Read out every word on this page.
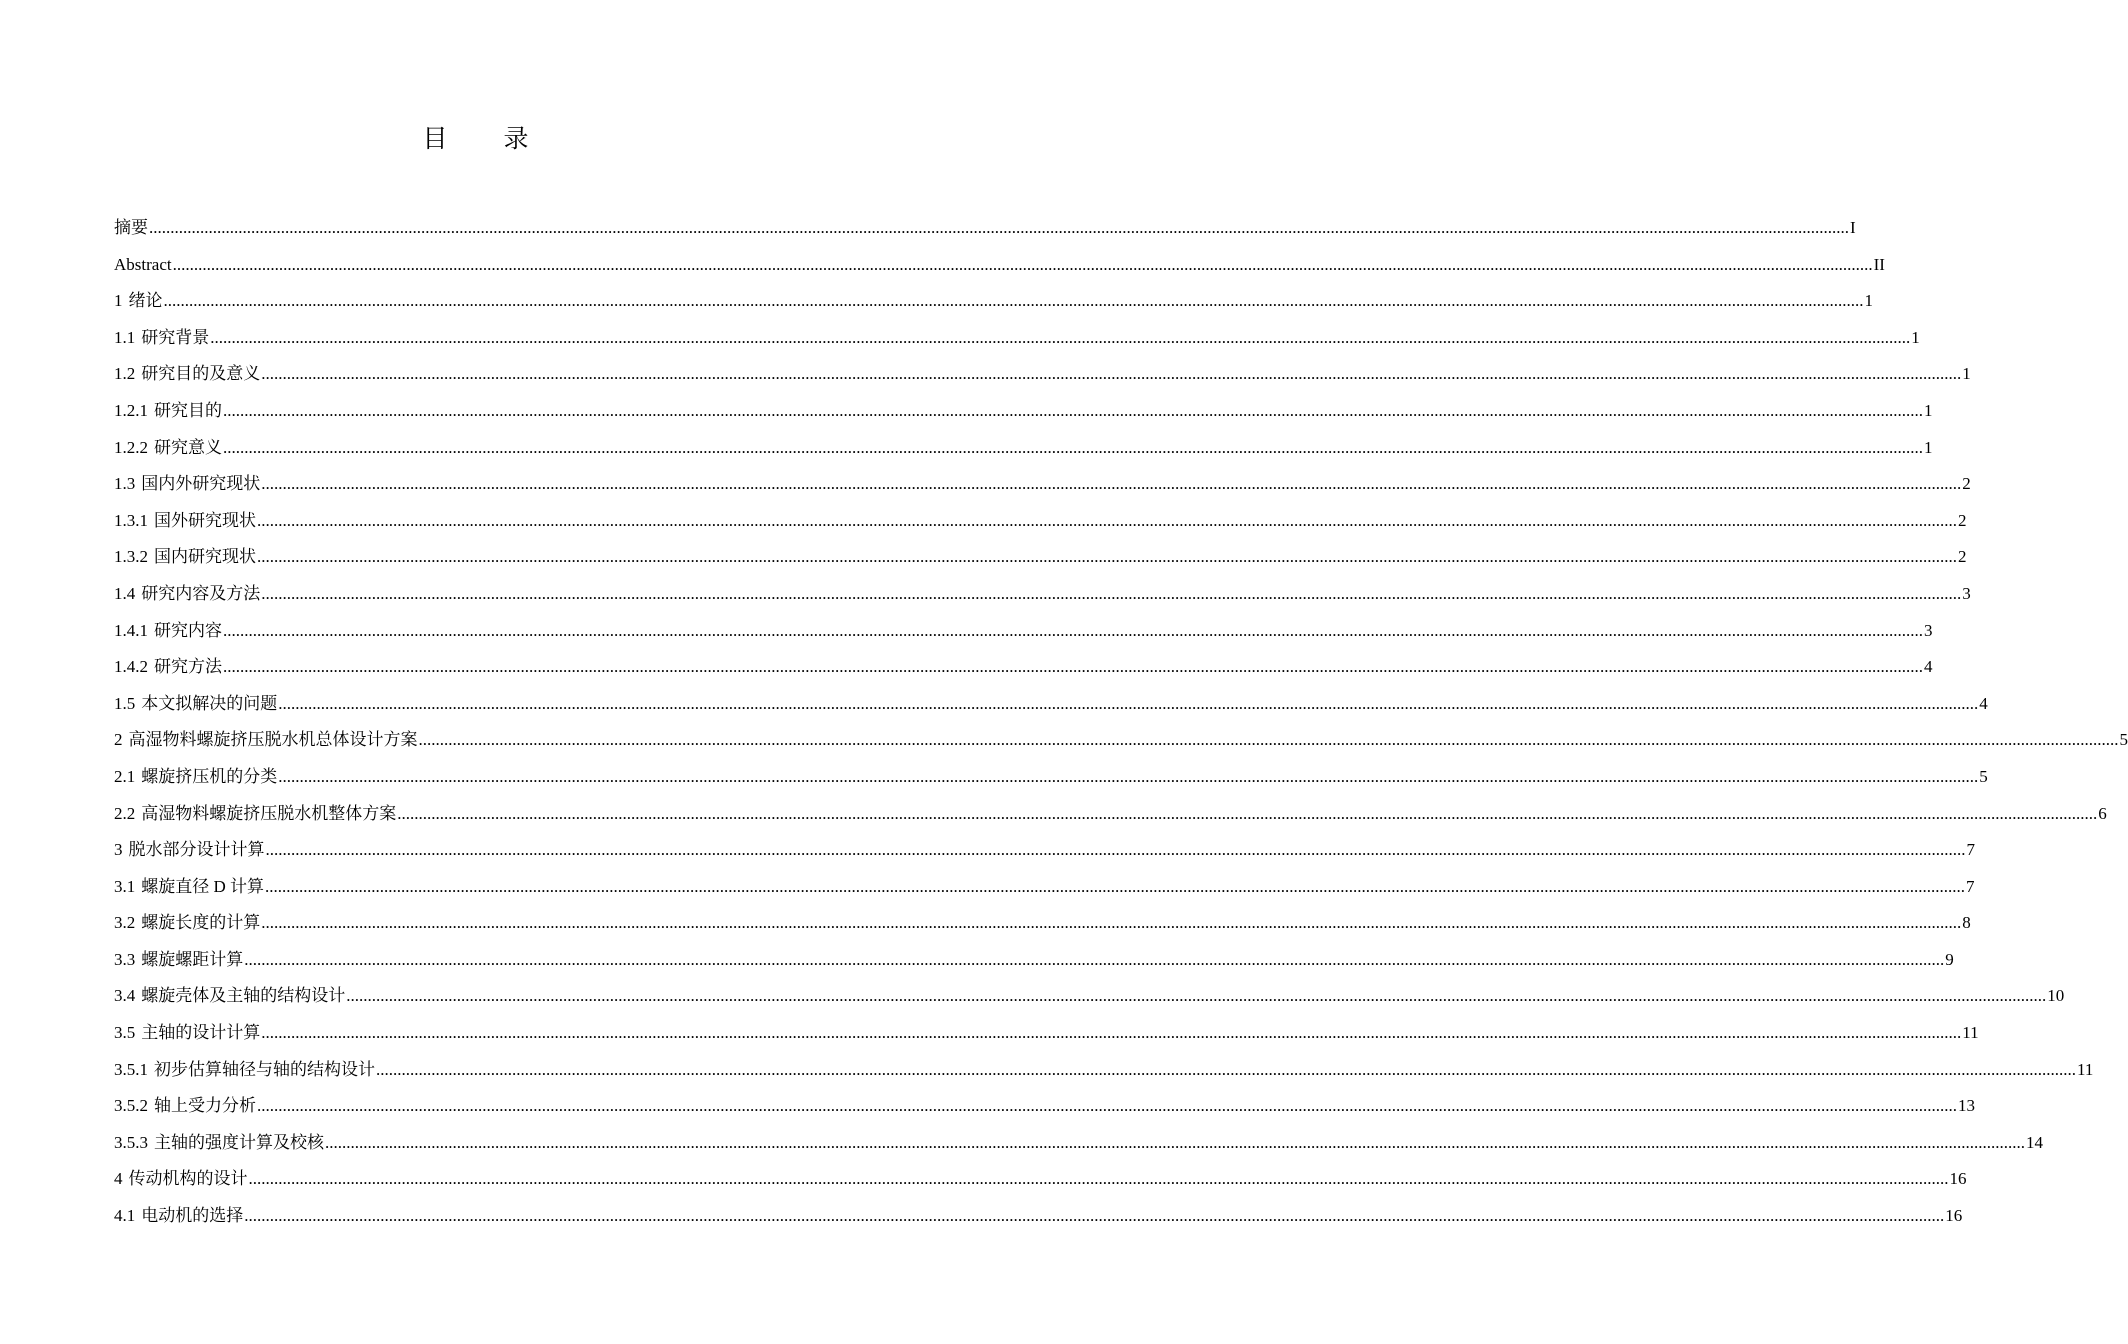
目 录
摘要 ................................................................................................................................................................................................................................................................................................................................................................................................................ I
Abstract ................................................................................................................................................................................................................................................................................................................................................................................................................ II
1 绪论 ................................................................................................................................................................................................................................................................................................................................................................................................................ 1
1.1 研究背景 ................................................................................................................................................................................................................................................................................................................................................................................................................ 1
1.2 研究目的及意义 ................................................................................................................................................................................................................................................................................................................................................................................................................ 1
1.2.1 研究目的 ................................................................................................................................................................................................................................................................................................................................................................................................................ 1
1.2.2 研究意义 ................................................................................................................................................................................................................................................................................................................................................................................................................ 1
1.3 国内外研究现状 ................................................................................................................................................................................................................................................................................................................................................................................................................ 2
1.3.1 国外研究现状 ................................................................................................................................................................................................................................................................................................................................................................................................................ 2
1.3.2 国内研究现状 ................................................................................................................................................................................................................................................................................................................................................................................................................ 2
1.4 研究内容及方法 ................................................................................................................................................................................................................................................................................................................................................................................................................ 3
1.4.1 研究内容 ................................................................................................................................................................................................................................................................................................................................................................................................................ 3
1.4.2 研究方法 ................................................................................................................................................................................................................................................................................................................................................................................................................ 4
1.5 本文拟解决的问题 ................................................................................................................................................................................................................................................................................................................................................................................................................ 4
2 高湿物料螺旋挤压脱水机总体设计方案 ................................................................................................................................................................................................................................................................................................................................................................................................................ 5
2.1 螺旋挤压机的分类 ................................................................................................................................................................................................................................................................................................................................................................................................................ 5
2.2 高湿物料螺旋挤压脱水机整体方案 ................................................................................................................................................................................................................................................................................................................................................................................................................ 6
3 脱水部分设计计算 ................................................................................................................................................................................................................................................................................................................................................................................................................ 7
3.1 螺旋直径 D 计算 ................................................................................................................................................................................................................................................................................................................................................................................................................ 7
3.2 螺旋长度的计算 ................................................................................................................................................................................................................................................................................................................................................................................................................ 8
3.3 螺旋螺距计算 ................................................................................................................................................................................................................................................................................................................................................................................................................ 9
3.4 螺旋壳体及主轴的结构设计 ................................................................................................................................................................................................................................................................................................................................................................................................................ 10
3.5 主轴的设计计算 ................................................................................................................................................................................................................................................................................................................................................................................................................ 11
3.5.1 初步估算轴径与轴的结构设计 ................................................................................................................................................................................................................................................................................................................................................................................................................ 11
3.5.2 轴上受力分析 ................................................................................................................................................................................................................................................................................................................................................................................................................ 13
3.5.3 主轴的强度计算及校核 ................................................................................................................................................................................................................................................................................................................................................................................................................ 14
4 传动机构的设计 ................................................................................................................................................................................................................................................................................................................................................................................................................ 16
4.1 电动机的选择 ................................................................................................................................................................................................................................................................................................................................................................................................................ 16
